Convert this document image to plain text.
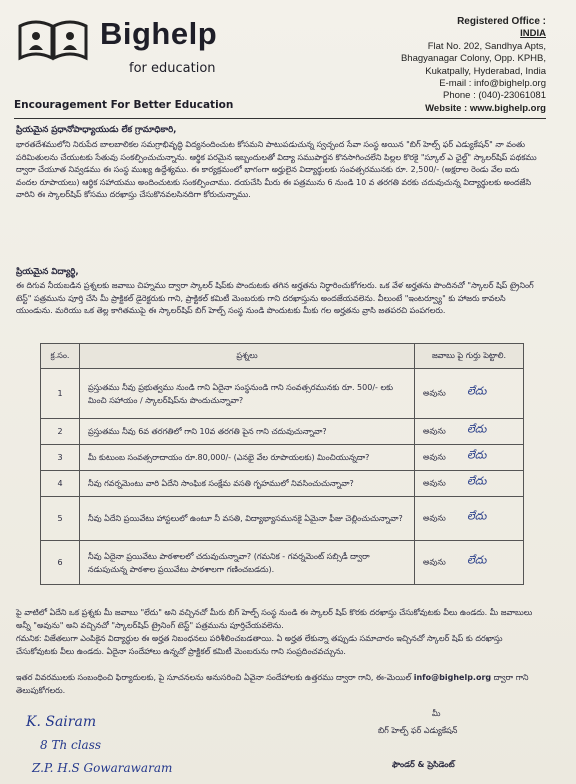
Bighelp
for education
Encouragement For Better Education
Registered Office :
INDIA
Flat No. 202, Sandhya Apts,
Bhagyanagar Colony, Opp. KPHB,
Kukatpally, Hyderabad, India
E-mail : info@bighelp.org
Phone : (040)-23061081
Website : www.bighelp.org
ప్రియమైన ప్రధానోపాధ్యాయుడు లేక గ్రామాధికారి,
భారతదేశములోని నిరుపేద బాలబాలికల సమగ్రాభివృద్ధి విద్యనందించుట కోసమని పాటుపడుచున్న స్వచ్ఛంద సేవా సంస్థ అయిన "బిగ్ హెల్ప్ ఫర్ ఎడ్యుకేషన్" నా వంతు పరిమితులను చేయుటకు సేతువు సంకల్పించుచున్నాను. ఆర్థిక పరమైన ఇబ్బందులతో విద్యా సముపార్జన కొనసాగించలేని పిల్లల కొరకై "స్కూల్ ఎ ఛైల్డ్" స్కాలర్‌షిప్ పథకము ద్వారా చేయూత నివ్వడము ఈ సంస్థ ముఖ్య ఉద్దేశ్యము. ఈ కార్యక్రమంలో భాగంగా అర్హులైన విద్యార్థులకు సంవత్సరమునకు రూ. 2,500/- (అక్షరాల రెండు వేల ఐదు వందల రూపాయలు) ఆర్థిక సహాయము అందించుటకు సంకల్పించాము. దయచేసి మీరు ఈ పత్రమును 6 నుండి 10 వ తరగతి వరకు చదువుచున్న విద్యార్థులకు అందజేసి వారిని ఈ స్కాలర్‌షిప్ కోసము దరఖాస్తు చేసుకొనవలసినదిగా కోరుచున్నాము.
ప్రియమైన విద్యార్థి,
ఈ దిగువ నీయబడిన ప్రశ్నలకు జవాబు చిహ్నము ద్వారా స్కాలర్ షిప్‌కు పొందుటకు తగిన అర్హతను నిర్ధారించుకోగలరు. ఒక వేళ అర్హతను పొందినచో "స్కాలర్ షిప్ ట్రైనింగ్ టెస్ట్" పత్రమును పూర్తి చేసి మీ ప్రాక్టికల్ డైరెక్టరుకు గాని, ప్రాక్టికల్ కమిటీ మెంబరుకు గాని దరఖాస్తును అందజేయవలెను. వీలుంటే "ఇంటర్వ్యూ" కు హాజరు కావలసి యుండును. మరియు ఒక తెల్ల కాగితముపై ఈ స్కాలర్‌షిప్ బిగ్ హెల్ప్ సంస్థ నుండి పొందుటకు మీకు గల అర్హతను వ్రాసి జతపరచి పంపగలరు.
క్ర.సం.	ప్రశ్నలు	జవాబు పై గుర్తు పెట్టాలి.
1	ప్రస్తుతము నీవు ప్రభుత్వము నుండి గాని ఏదైనా సంస్థనుండి గాని సంవత్సరమునకు రూ. 500/- లకు మించి సహాయం / స్కాలర్‌షిప్‌ను పొందుచున్నావా?	అవును లేదు

2	ప్రస్తుతము నీవు 6వ తరగతిలో గాని 10వ తరగతి పైన గాని చదువుచున్నావా?	అవును లేదు

3	మీ కుటుంబ సంవత్సరాదాయం రూ.80,000/- (ఎనభై వేల రూపాయలకు) మించియున్నదా?	అవును లేదు

4	నీవు గవర్నమెంటు వారి ఏదేని సాంఘిక సంక్షేమ వసతి గృహములో నివసించుచున్నావా?	అవును లేదు

5	నీవు ఏదేని ప్రయివేటు హాస్టలులో ఉంటూ నీ వసతి, విద్యాభ్యాసమునకై ఏమైనా ఫీజు చెల్లించుచున్నావా?	అవును లేదు

6	నీవు ఏదైనా ప్రయివేటు పాఠశాలలో చదువుచున్నావా? (గమనిక - గవర్నమెంట్ సబ్సిడీ ద్వారా నడుపుచున్న పాఠశాల ప్రయివేటు పాఠశాలగా గణించబడదు).	అవును లేదు
పై వాటిలో ఏదేని ఒక ప్రశ్నకు మీ జవాబు "లేదు" అని వచ్చినచో మీరు బిగ్ హెల్ప్ సంస్థ నుండి ఈ స్కాలర్ షిప్ కొరకు దరఖాస్తు చేసుకోవుటకు వీలు ఉండదు. మీ జవాబులు అన్నీ "అవును" అని వచ్చినచో "స్కాలర్‌షిప్ ట్రైనింగ్ టెస్ట్" పత్రమును పూర్తిచేయవలెను.
గమనిక: విజేతలుగా ఎంపికైన విద్యార్థుల ఈ అర్హత నిబంధనలు పరిశీలించబడతాయి. ఏ అర్హత లేకున్నా తప్పుడు సమాచారం ఇచ్చినచో స్కాలర్ షిప్ కు దరఖాస్తు చేసుకోవుటకు వీలు ఉండదు. ఏదైనా సందేహాలు ఉన్నచో ప్రాక్టికల్ కమిటీ మెంబరును గాని సంప్రదించవచ్చును.
ఇతర వివరములకు సంబంధించి ఫిర్యాదులకు, పై సూచనలను అనుసరించి ఏవైనా సందేహాలకు ఉత్తరము ద్వారా గాని, ఈ-మెయిల్ info@bighelp.org ద్వారా గాని తెలుపుకోగలరు.
K. Sairam
8 Th class
Z.P. H.S Gowarawaram
మీ
బిగ్ హెల్ప్ ఫర్ ఎడ్యుకేషన్
ఫౌండర్ & ప్రెసిడెంట్
